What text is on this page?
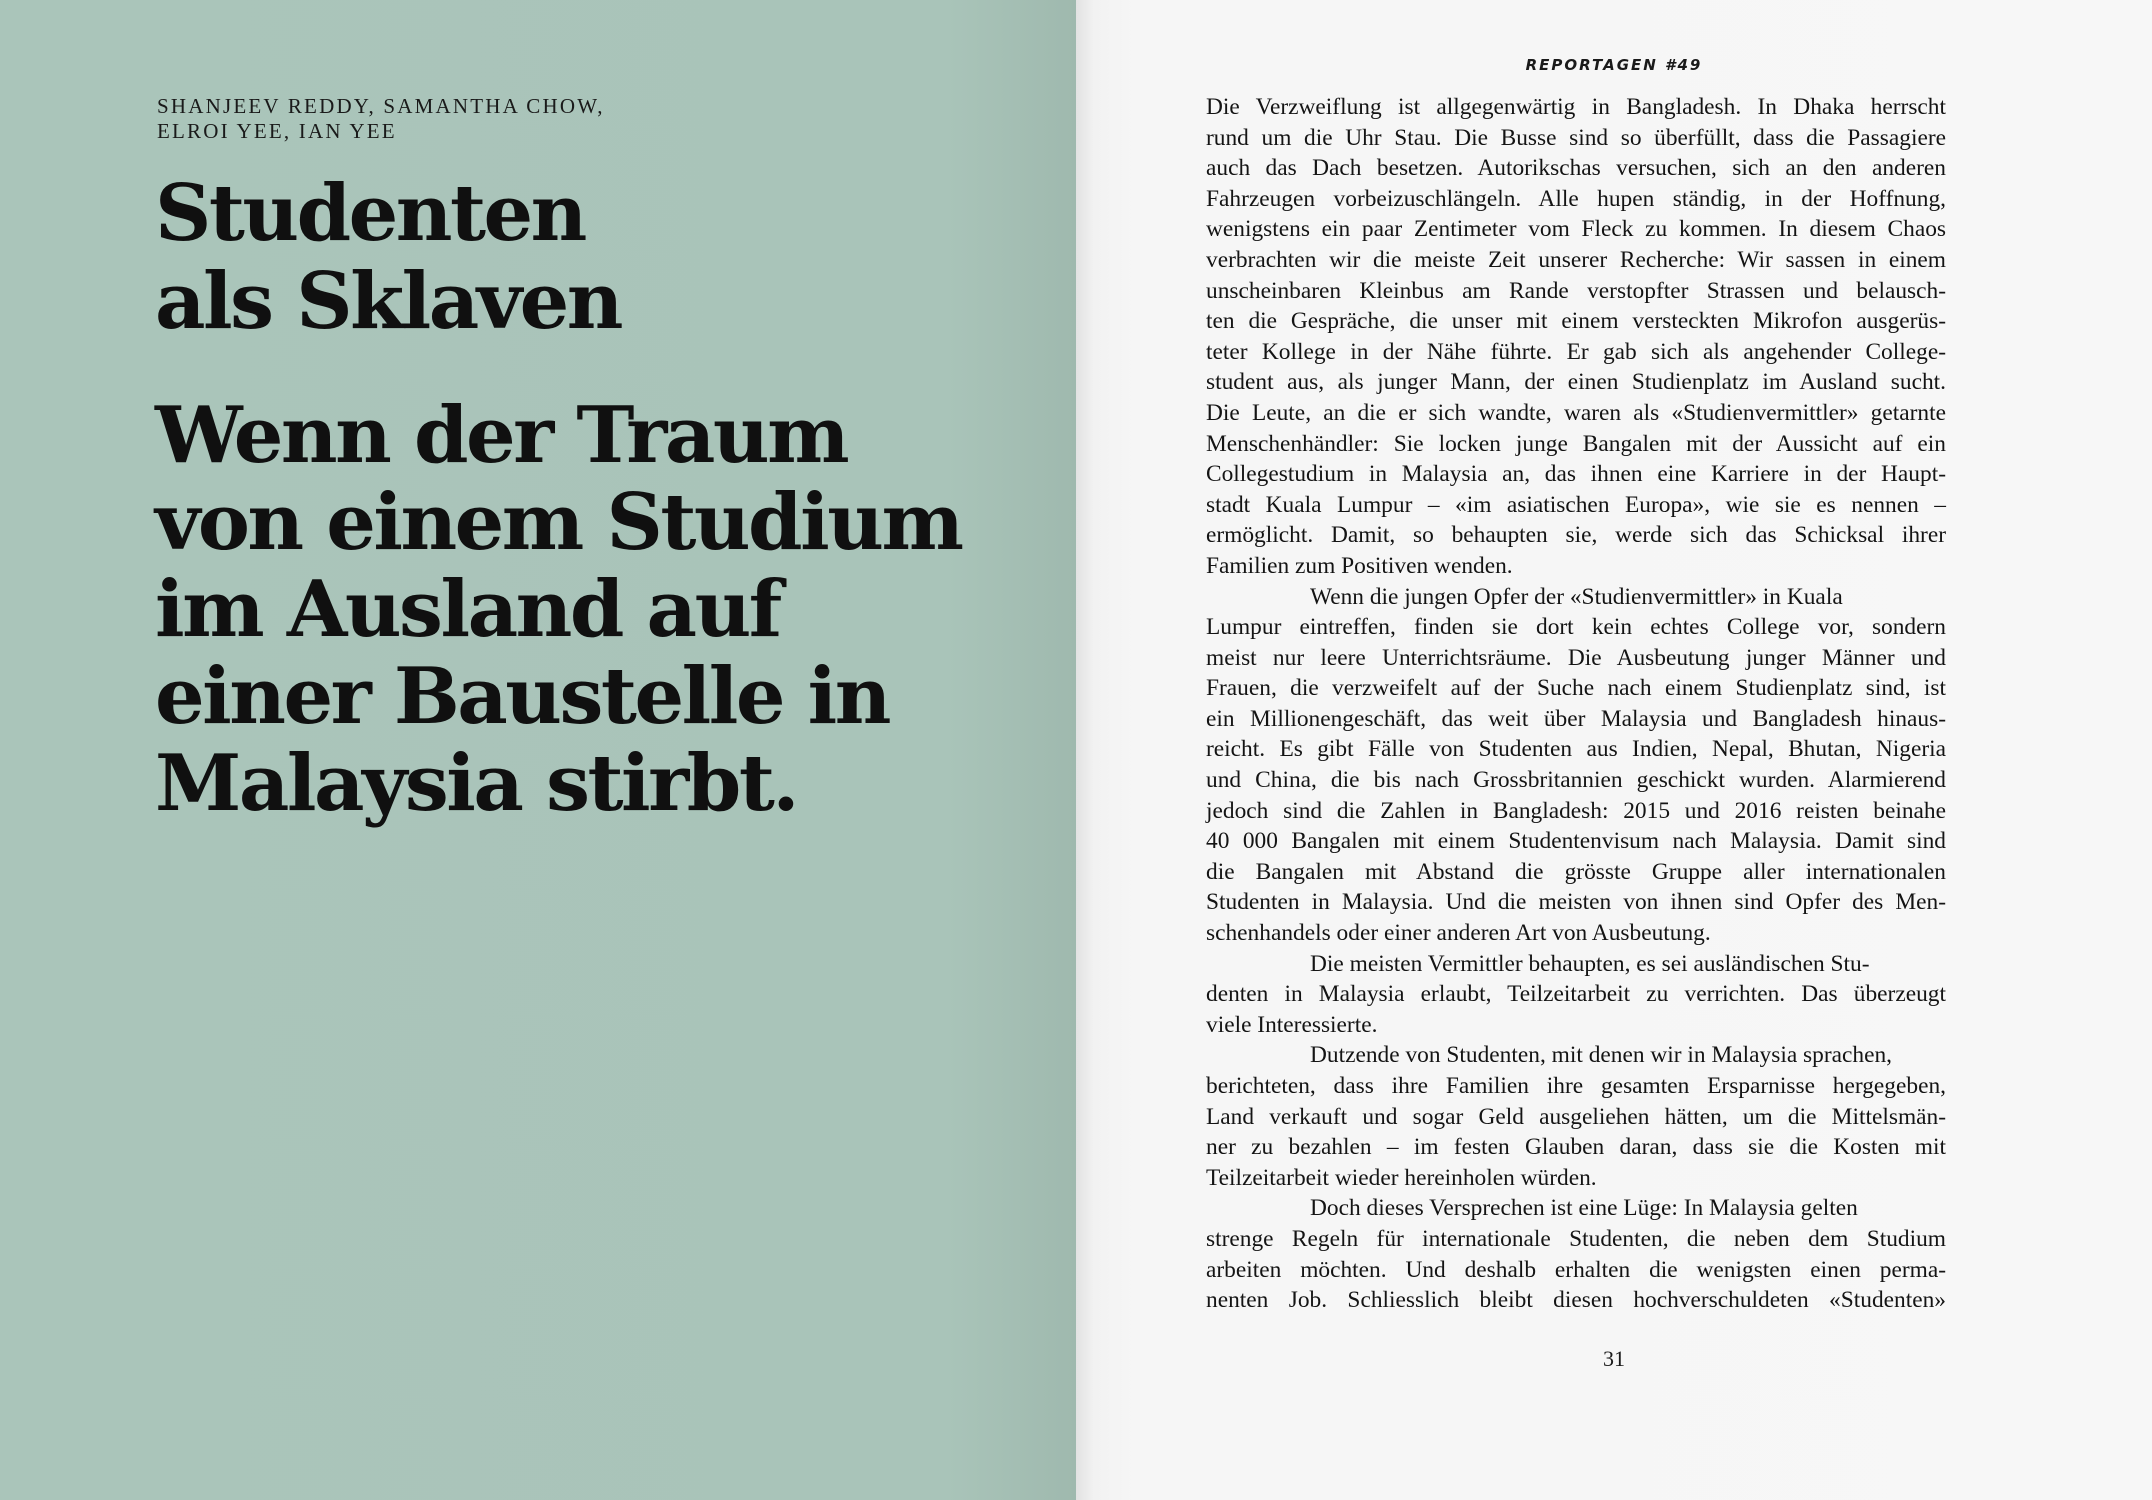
SHANJEEV REDDY, SAMANTHA CHOW,
ELROI YEE, IAN YEE
Studenten
als Sklaven
Wenn der Traum
von einem Studium
im Ausland auf
einer Baustelle in
Malaysia stirbt.
REPORTAGEN #49
Die Verzweiflung ist allgegenwärtig in Bangladesh. In Dhaka herrscht
rund um die Uhr Stau. Die Busse sind so überfüllt, dass die Passagiere
auch das Dach besetzen. Autorikschas versuchen, sich an den anderen
Fahrzeugen vorbeizuschlängeln. Alle hupen ständig, in der Hoffnung,
wenigstens ein paar Zentimeter vom Fleck zu kommen. In diesem Chaos
verbrachten wir die meiste Zeit unserer Recherche: Wir sassen in einem
unscheinbaren Kleinbus am Rande verstopfter Strassen und belausch-
ten die Gespräche, die unser mit einem versteckten Mikrofon ausgerüs-
teter Kollege in der Nähe führte. Er gab sich als angehender College-
student aus, als junger Mann, der einen Studienplatz im Ausland sucht.
Die Leute, an die er sich wandte, waren als «Studienvermittler» getarnte
Menschenhändler: Sie locken junge Bangalen mit der Aussicht auf ein
Collegestudium in Malaysia an, das ihnen eine Karriere in der Haupt-
stadt Kuala Lumpur – «im asiatischen Europa», wie sie es nennen –
ermöglicht. Damit, so behaupten sie, werde sich das Schicksal ihrer
Familien zum Positiven wenden.
Wenn die jungen Opfer der «Studienvermittler» in Kuala
Lumpur eintreffen, finden sie dort kein echtes College vor, sondern
meist nur leere Unterrichtsräume. Die Ausbeutung junger Männer und
Frauen, die verzweifelt auf der Suche nach einem Studienplatz sind, ist
ein Millionengeschäft, das weit über Malaysia und Bangladesh hinaus-
reicht. Es gibt Fälle von Studenten aus Indien, Nepal, Bhutan, Nigeria
und China, die bis nach Grossbritannien geschickt wurden. Alarmierend
jedoch sind die Zahlen in Bangladesh: 2015 und 2016 reisten beinahe
40 000 Bangalen mit einem Studentenvisum nach Malaysia. Damit sind
die Bangalen mit Abstand die grösste Gruppe aller internationalen
Studenten in Malaysia. Und die meisten von ihnen sind Opfer des Men-
schenhandels oder einer anderen Art von Ausbeutung.
Die meisten Vermittler behaupten, es sei ausländischen Stu-
denten in Malaysia erlaubt, Teilzeitarbeit zu verrichten. Das überzeugt
viele Interessierte.
Dutzende von Studenten, mit denen wir in Malaysia sprachen,
berichteten, dass ihre Familien ihre gesamten Ersparnisse hergegeben,
Land verkauft und sogar Geld ausgeliehen hätten, um die Mittelsmän-
ner zu bezahlen – im festen Glauben daran, dass sie die Kosten mit
Teilzeitarbeit wieder hereinholen würden.
Doch dieses Versprechen ist eine Lüge: In Malaysia gelten
strenge Regeln für internationale Studenten, die neben dem Studium
arbeiten möchten. Und deshalb erhalten die wenigsten einen perma-
nenten Job. Schliesslich bleibt diesen hochverschuldeten «Studenten»
31
